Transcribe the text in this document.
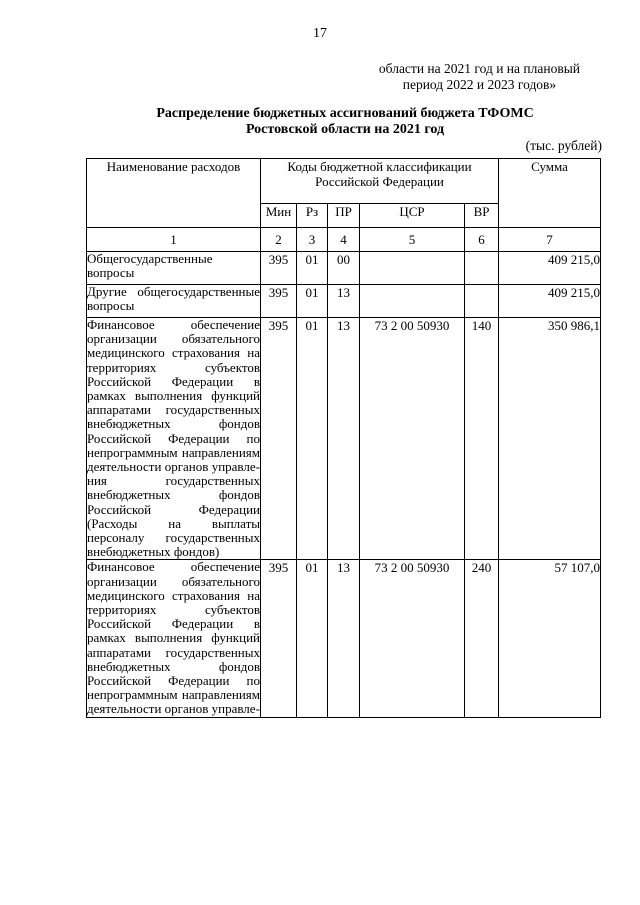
17
области на 2021 год и на плановый
период 2022 и 2023 годов»
Распределение бюджетных ассигнований бюджета ТФОМС
Ростовской области на 2021 год
(тыс. рублей)
Наименование расходов	Коды бюджетной классификации Российской Федерации					Сумма
	Мин	Рз	ПР	ЦСР	ВР	
1	2	3	4	5	6	7
Общегосударственные вопросы	395	01	00			409 215,0
Другие общегосударственные вопросы	395	01	13			409 215,0
Финансовое обеспечение организации обязательного медицинского страхования на территориях субъектов Российской Федерации в рамках выполнения функций аппаратами государственных внебюджетных фондов Российской Федерации по непрограммным направлениям деятельности органов управления государственных внебюджетных фондов Российской Федерации (Расходы на выплаты персоналу государственных внебюджетных фондов)	395	01	13	73 2 00 50930	140	350 986,1
Финансовое обеспечение организации обязательного медицинского страхования на территориях субъектов Российской Федерации в рамках выполнения функций аппаратами государственных внебюджетных фондов Российской Федерации по непрограммным направлениям деятельности органов управле-	395	01	13	73 2 00 50930	240	57 107,0
